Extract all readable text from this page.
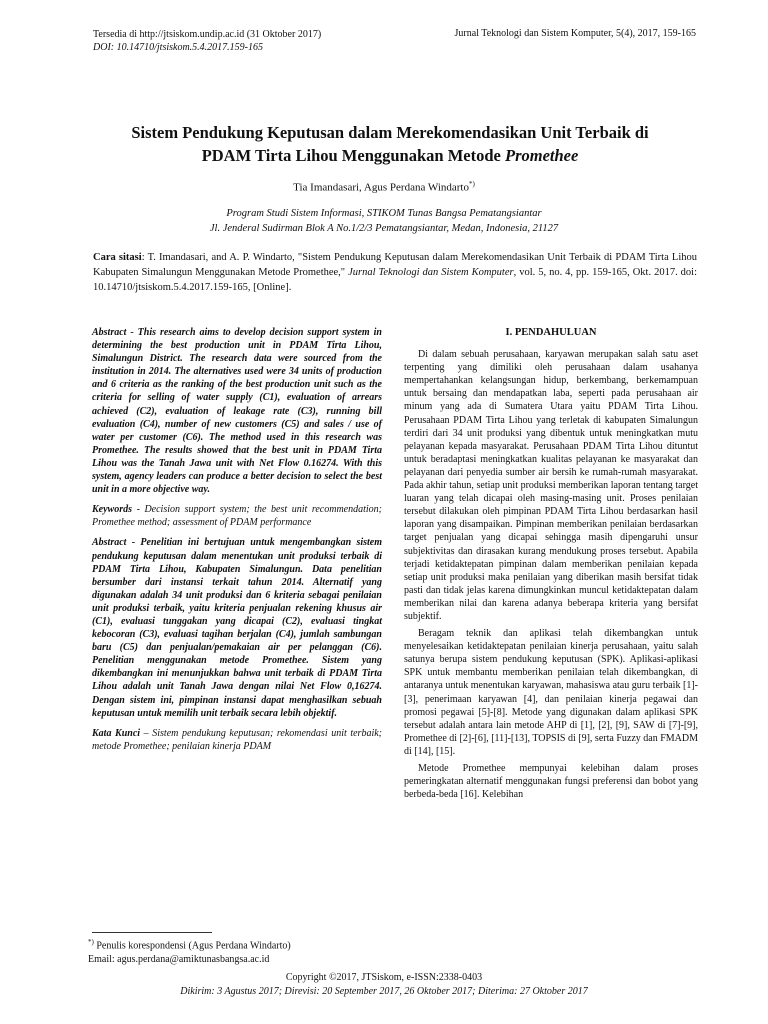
Tersedia di http://jtsiskom.undip.ac.id (31 Oktober 2017)
DOI: 10.14710/jtsiskom.5.4.2017.159-165
Jurnal Teknologi dan Sistem Komputer, 5(4), 2017, 159-165
Sistem Pendukung Keputusan dalam Merekomendasikan Unit Terbaik di
PDAM Tirta Lihou Menggunakan Metode Promethee
Tia Imandasari, Agus Perdana Windarto*)
Program Studi Sistem Informasi, STIKOM Tunas Bangsa Pematangsiantar
Jl. Jenderal Sudirman Blok A No.1/2/3 Pematangsiantar, Medan, Indonesia, 21127
Cara sitasi: T. Imandasari, and A. P. Windarto, "Sistem Pendukung Keputusan dalam Merekomendasikan Unit Terbaik di PDAM Tirta Lihou Kabupaten Simalungun Menggunakan Metode Promethee," Jurnal Teknologi dan Sistem Komputer, vol. 5, no. 4, pp. 159-165, Okt. 2017. doi: 10.14710/jtsiskom.5.4.2017.159-165, [Online].

Abstract - This research aims to develop decision support system in determining the best production unit in PDAM Tirta Lihou, Simalungun District. The research data were sourced from the institution in 2014. The alternatives used were 34 units of production and 6 criteria as the ranking of the best production unit such as the criteria for selling of water supply (C1), evaluation of arrears achieved (C2), evaluation of leakage rate (C3), running bill evaluation (C4), number of new customers (C5) and sales / use of water per customer (C6). The method used in this research was Promethee. The results showed that the best unit in PDAM Tirta Lihou was the Tanah Jawa unit with Net Flow 0.16274. With this system, agency leaders can produce a better decision to select the best unit in a more objective way.

Keywords - Decision support system; the best unit recommendation; Promethee method; assessment of PDAM performance

Abstract - Penelitian ini bertujuan untuk mengembangkan sistem pendukung keputusan dalam menentukan unit produksi terbaik di PDAM Tirta Lihou, Kabupaten Simalungun. Data penelitian bersumber dari instansi terkait tahun 2014. Alternatif yang digunakan adalah 34 unit produksi dan 6 kriteria sebagai penilaian unit produksi terbaik, yaitu kriteria penjualan rekening khusus air (C1), evaluasi tunggakan yang dicapai (C2), evaluasi tingkat kebocoran (C3), evaluasi tagihan berjalan (C4), jumlah sambungan baru (C5) dan penjualan/pemakaian air per pelanggan (C6). Penelitian menggunakan metode Promethee. Sistem yang dikembangkan ini menunjukkan bahwa unit terbaik di PDAM Tirta Lihou adalah unit Tanah Jawa dengan nilai Net Flow 0,16274. Dengan sistem ini, pimpinan instansi dapat menghasilkan sebuah keputusan untuk memilih unit terbaik secara lebih objektif.

Kata Kunci – Sistem pendukung keputusan; rekomendasi unit terbaik; metode Promethee; penilaian kinerja PDAM

*) Penulis korespondensi (Agus Perdana Windarto)
Email: agus.perdana@amiktunasbangsa.ac.id
I. PENDAHULUAN

Di dalam sebuah perusahaan, karyawan merupakan salah satu aset terpenting yang dimiliki oleh perusahaan dalam usahanya mempertahankan kelangsungan hidup, berkembang, berkemampuan untuk bersaing dan mendapatkan laba, seperti pada perusahaan air minum yang ada di Sumatera Utara yaitu PDAM Tirta Lihou. Perusahaan PDAM Tirta Lihou yang terletak di kabupaten Simalungun terdiri dari 34 unit produksi yang dibentuk untuk meningkatkan mutu pelayanan kepada masyarakat. Perusahaan PDAM Tirta Lihou dituntut untuk beradaptasi meningkatkan kualitas pelayanan ke masyarakat dan pelayanan dari penyedia sumber air bersih ke rumah-rumah masyarakat. Pada akhir tahun, setiap unit produksi memberikan laporan tentang target luaran yang telah dicapai oleh masing-masing unit. Proses penilaian tersebut dilakukan oleh pimpinan PDAM Tirta Lihou berdasarkan hasil laporan yang disampaikan. Pimpinan memberikan penilaian berdasarkan target penjualan yang dicapai sehingga masih dipengaruhi unsur subjektivitas dan dirasakan kurang mendukung proses tersebut. Apabila terjadi ketidaktepatan pimpinan dalam memberikan penilaian kepada setiap unit produksi maka penilaian yang diberikan masih bersifat tidak pasti dan tidak jelas karena dimungkinkan muncul ketidaktepatan dalam memberikan nilai dan karena adanya beberapa kriteria yang bersifat subjektif.

Beragam teknik dan aplikasi telah dikembangkan untuk menyelesaikan ketidaktepatan penilaian kinerja perusahaan, yaitu salah satunya berupa sistem pendukung keputusan (SPK). Aplikasi-aplikasi SPK untuk membantu memberikan penilaian telah dikembangkan, di antaranya untuk menentukan karyawan, mahasiswa atau guru terbaik [1]-[3], penerimaan karyawan [4], dan penilaian kinerja pegawai dan promosi pegawai [5]-[8]. Metode yang digunakan dalam aplikasi SPK tersebut adalah antara lain metode AHP di [1], [2], [9], SAW di [7]-[9], Promethee di [2]-[6], [11]-[13], TOPSIS di [9], serta Fuzzy dan FMADM di [14], [15].

Metode Promethee mempunyai kelebihan dalam proses pemeringkatan alternatif menggunakan fungsi preferensi dan bobot yang berbeda-beda [16]. Kelebihan

Copyright ©2017, JTSiskom, e-ISSN:2338-0403
Dikirim: 3 Agustus 2017; Direvisi: 20 September 2017, 26 Oktober 2017; Diterima: 27 Oktober 2017
